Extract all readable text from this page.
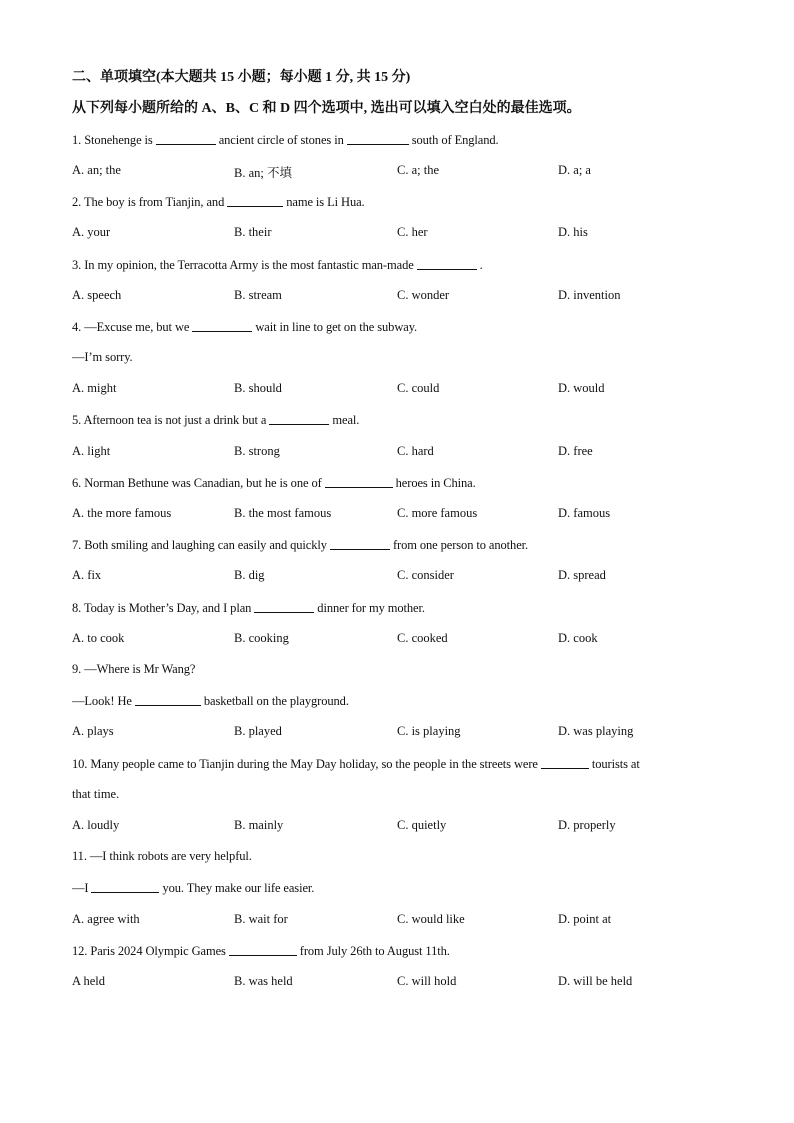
二、单项填空(本大题共 15 小题；每小题 1 分, 共 15 分)
从下列每小题所给的 A、B、C 和 D 四个选项中, 选出可以填入空白处的最佳选项。
1. Stonehenge is	ancient circle of stones in	south of England.
A. an; the	B. an; 不填	C. a; the	D. a; a
2. The boy is from Tianjin, and	name is Li Hua.
A. your	B. their	C. her	D. his
3. In my opinion, the Terracotta Army is the most fantastic man-made	.
A. speech	B. stream	C. wonder	D. invention
4. —Excuse me, but we	wait in line to get on the subway.
—I’m sorry.
A. might	B. should	C. could	D. would
5. Afternoon tea is not just a drink but a	meal.
A. light	B. strong	C. hard	D. free
6. Norman Bethune was Canadian, but he is one of	heroes in China.
A. the more famous	B. the most famous	C. more famous	D. famous
7. Both smiling and laughing can easily and quickly	from one person to another.
A. fix	B. dig	C. consider	D. spread
8. Today is Mother’s Day, and I plan	dinner for my mother.
A. to cook	B. cooking	C. cooked	D. cook
9. —Where is Mr Wang?
—Look! He	basketball on the playground.
A. plays	B. played	C. is playing	D. was playing
10. Many people came to Tianjin during the May Day holiday, so the people in the streets were	tourists at
that time.
A. loudly	B. mainly	C. quietly	D. properly
11. —I think robots are very helpful.
—I	you. They make our life easier.
A. agree with	B. wait for	C. would like	D. point at
12. Paris 2024 Olympic Games	from July 26th to August 11th.
A held	B. was held	C. will hold	D. will be held
